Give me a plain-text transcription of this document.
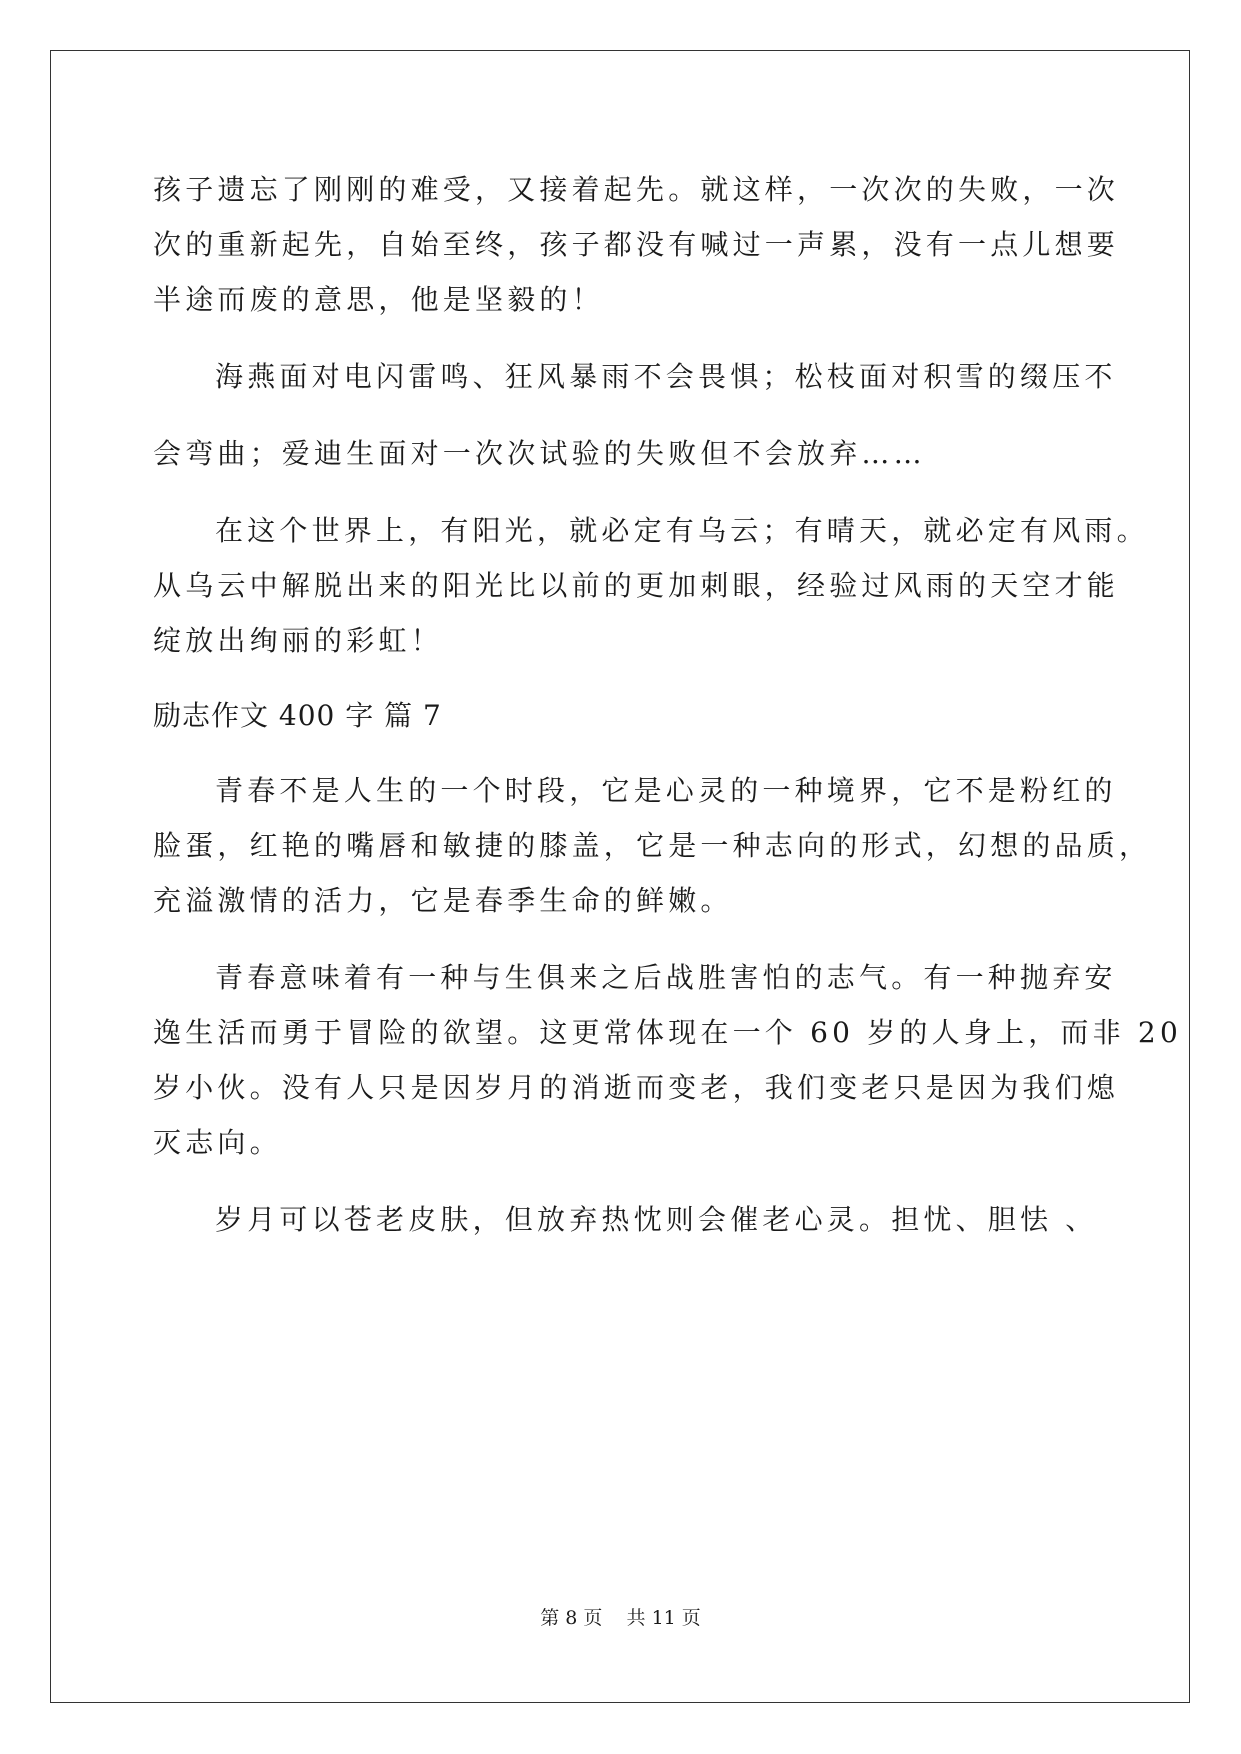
孩子遗忘了刚刚的难受，又接着起先。就这样，一次次的失败，一次
次的重新起先，自始至终，孩子都没有喊过一声累，没有一点儿想要
半途而废的意思，他是坚毅的！
海燕面对电闪雷鸣、狂风暴雨不会畏惧；松枝面对积雪的缀压不
会弯曲；爱迪生面对一次次试验的失败但不会放弃……
在这个世界上，有阳光，就必定有乌云；有晴天，就必定有风雨。
从乌云中解脱出来的阳光比以前的更加刺眼，经验过风雨的天空才能
绽放出绚丽的彩虹！
励志作文 400 字 篇 7
青春不是人生的一个时段，它是心灵的一种境界，它不是粉红的
脸蛋，红艳的嘴唇和敏捷的膝盖，它是一种志向的形式，幻想的品质，
充溢激情的活力，它是春季生命的鲜嫩。
青春意味着有一种与生俱来之后战胜害怕的志气。有一种抛弃安
逸生活而勇于冒险的欲望。这更常体现在一个 60 岁的人身上，而非 20
岁小伙。没有人只是因岁月的消逝而变老，我们变老只是因为我们熄
灭志向。
岁月可以苍老皮肤，但放弃热忱则会催老心灵。担忧、胆怯 、
第 8 页    共 11 页
